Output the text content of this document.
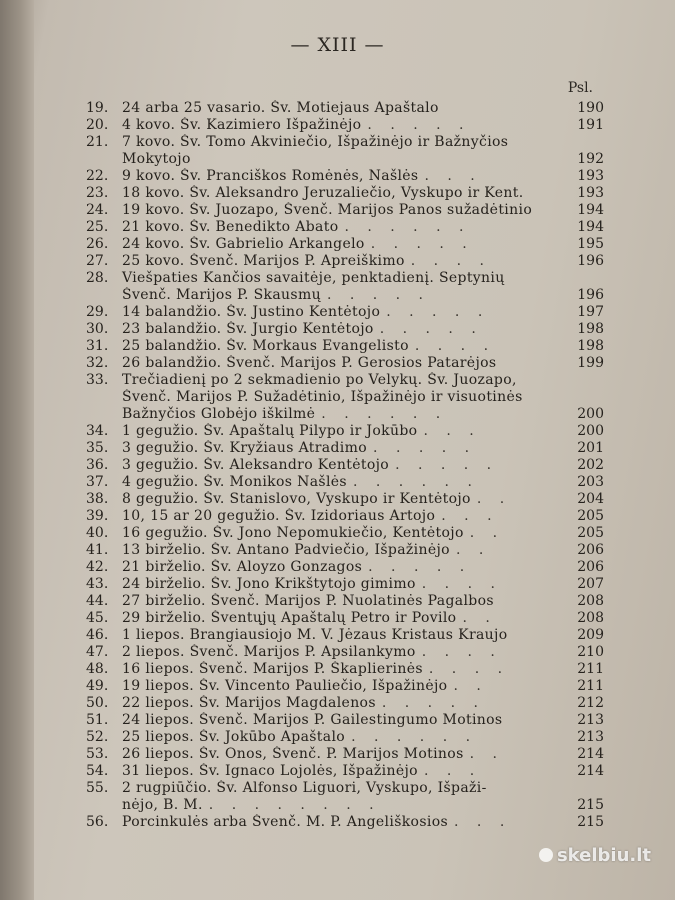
— XIII —
Psl.
19. 24 arba 25 vasario. Šv. Motiejaus Apaštalo	190
20. 4 kovo. Šv. Kazimiero Išpažinėjo . . . . .	191
21. 7 kovo. Šv. Tomo Akviniečio, Išpažinėjo ir Bažnyčios
Mokytojo	192
22. 9 kovo. Šv. Pranciškos Romėnės, Našlės . . .	193
23. 18 kovo. Šv. Aleksandro Jeruzaliečio, Vyskupo ir Kent.	193
24. 19 kovo. Šv. Juozapo, Švenč. Marijos Panos sužadėtinio	194
25. 21 kovo. Šv. Benedikto Abato . . . . . .	194
26. 24 kovo. Šv. Gabrielio Arkangelo . . . . .	195
27. 25 kovo. Švenč. Marijos P. Apreiškimo . . . .	196
28. Viešpaties Kančios savaitėje, penktadienį. Septynių
Švenč. Marijos P. Skausmų . . . . .	196
29. 14 balandžio. Šv. Justino Kentėtojo . . . . .	197
30. 23 balandžio. Šv. Jurgio Kentėtojo . . . . .	198
31. 25 balandžio. Šv. Morkaus Evangelisto . . . .	198
32. 26 balandžio. Švenč. Marijos P. Gerosios Patarėjos	199
33. Trečiadienį po 2 sekmadienio po Velykų. Šv. Juozapo,
Švenč. Marijos P. Sužadėtinio, Išpažinėjo ir visuotinės
Bažnyčios Globėjo iškilmė . . . . . .	200
34. 1 gegužio. Šv. Apaštalų Pilypo ir Jokūbo . . .	200
35. 3 gegužio. Šv. Kryžiaus Atradimo . . . . .	201
36. 3 gegužio. Šv. Aleksandro Kentėtojo . . . . .	202
37. 4 gegužio. Šv. Monikos Našlės . . . . . .	203
38. 8 gegužio. Šv. Stanislovo, Vyskupo ir Kentėtojo . .	204
39. 10, 15 ar 20 gegužio. Šv. Izidoriaus Artojo . . .	205
40. 16 gegužio. Šv. Jono Nepomukiečio, Kentėtojo . .	205
41. 13 birželio. Šv. Antano Padviečio, Išpažinėjo . .	206
42. 21 birželio. Šv. Aloyzo Gonzagos . . . . .	206
43. 24 birželio. Šv. Jono Krikštytojo gimimo . . . .	207
44. 27 birželio. Švenč. Marijos P. Nuolatinės Pagalbos	208
45. 29 birželio. Šventųjų Apaštalų Petro ir Povilo . .	208
46. 1 liepos. Brangiausiojo M. V. Jėzaus Kristaus Kraujo	209
47. 2 liepos. Švenč. Marijos P. Apsilankymo . . . .	210
48. 16 liepos. Švenč. Marijos P. Škaplierinės . . . .	211
49. 19 liepos. Šv. Vincento Pauliečio, Išpažinėjo . .	211
50. 22 liepos. Šv. Marijos Magdalenos . . . . .	212
51. 24 liepos. Švenč. Marijos P. Gailestingumo Motinos	213
52. 25 liepos. Šv. Jokūbo Apaštalo . . . . . .	213
53. 26 liepos. Šv. Onos, Švenč. P. Marijos Motinos . .	214
54. 31 liepos. Šv. Ignaco Lojolės, Išpažinėjo . . .	214
55. 2 rugpiūčio. Šv. Alfonso Liguori, Vyskupo, Išpaži-
nėjo, B. M. . . . . . . . .	215
56. Porcinkulės arba Švenč. M. P. Angeliškosios . . .	215
skelbiu.lt
